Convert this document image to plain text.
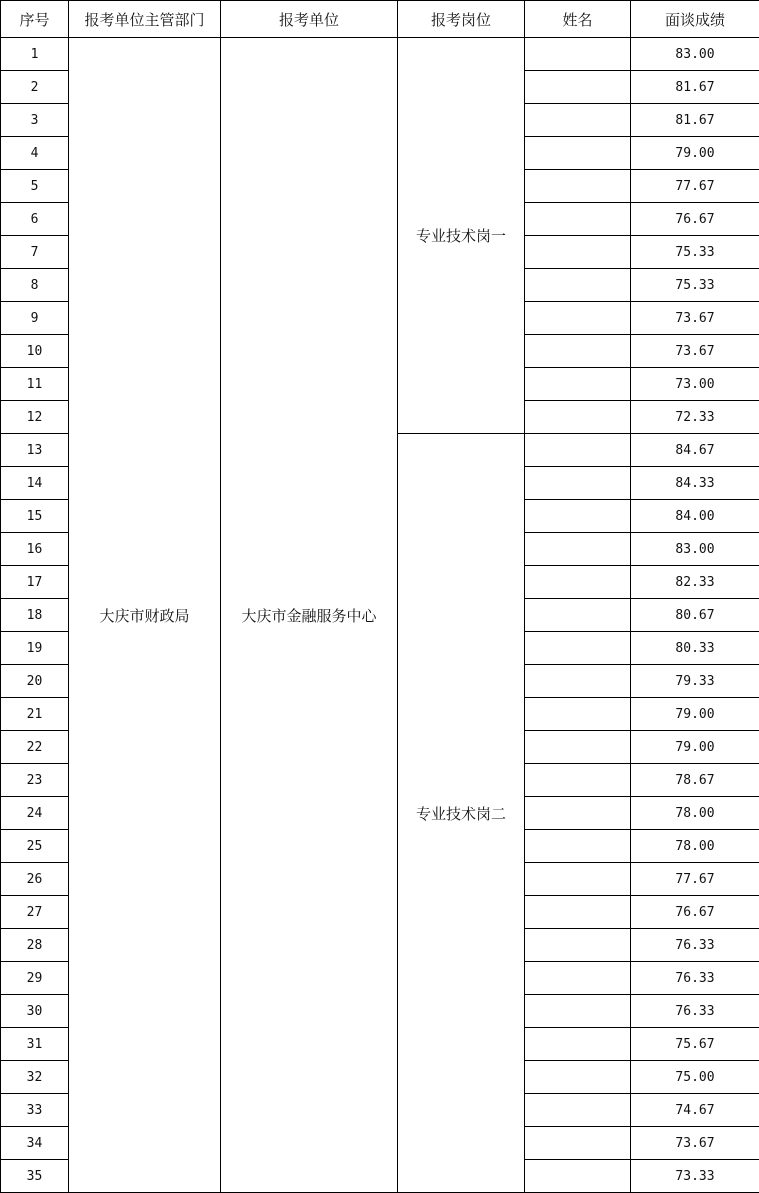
序号	报考单位主管部门	报考单位	报考岗位	姓名	面谈成绩
1	大庆市财政局	大庆市金融服务中心	专业技术岗一		83.00
2					81.67
3					81.67
4					79.00
5					77.67
6					76.67
7					75.33
8					75.33
9					73.67
10					73.67
11					73.00
12					72.33
13			专业技术岗二		84.67
14					84.33
15					84.00
16					83.00
17					82.33
18					80.67
19					80.33
20					79.33
21					79.00
22					79.00
23					78.67
24					78.00
25					78.00
26					77.67
27					76.67
28					76.33
29					76.33
30					76.33
31					75.67
32					75.00
33					74.67
34					73.67
35					73.33
